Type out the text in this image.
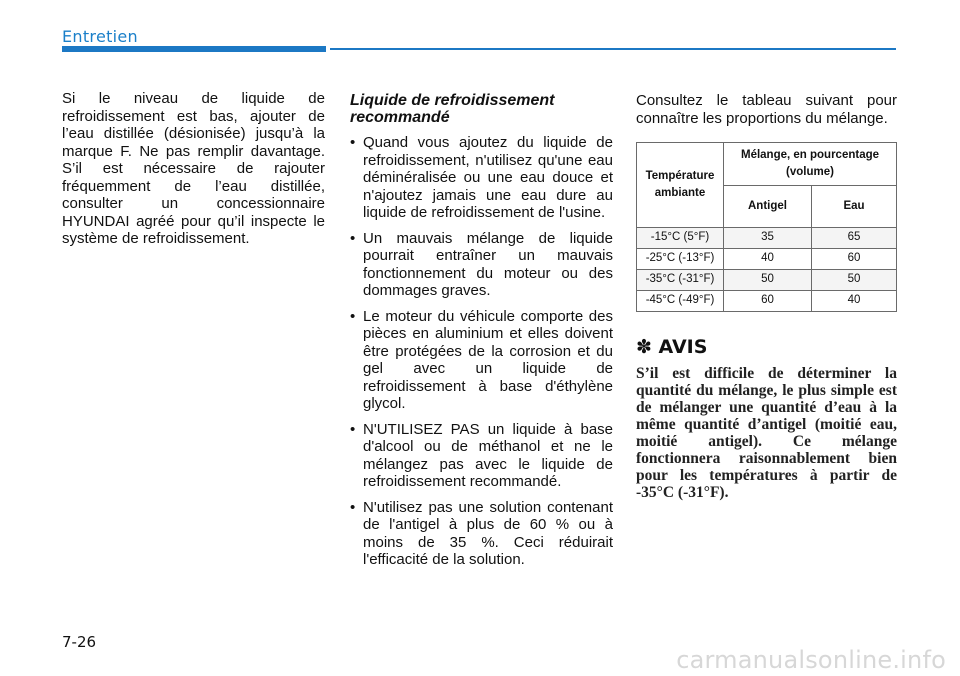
Entretien
Si le niveau de liquide de refroidissement est bas, ajouter de l’eau distillée (désionisée) jusqu’à la marque F. Ne pas remplir davantage. S’il est nécessaire de rajouter fréquemment de l’eau distillée, consulter un concessionnaire HYUNDAI agréé pour qu’il inspecte le système de refroidissement.
Liquide de refroidissement recommandé
• Quand vous ajoutez du liquide de refroidissement, n'utilisez qu'une eau déminéralisée ou une eau douce et n'ajoutez jamais une eau dure au liquide de refroidissement de l'usine.
• Un mauvais mélange de liquide pourrait entraîner un mauvais fonctionnement du moteur ou des dommages graves.
• Le moteur du véhicule comporte des pièces en aluminium et elles doivent être protégées de la corrosion et du gel avec un liquide de refroidissement à base d'éthylène glycol.
• N'UTILISEZ PAS un liquide à base d'alcool ou de méthanol et ne le mélangez pas avec le liquide de refroidissement recommandé.
• N'utilisez pas une solution contenant de l'antigel à plus de 60 % ou à moins de 35 %. Ceci réduirait l'efficacité de la solution.
Consultez le tableau suivant pour connaître les proportions du mélange.
Température ambiante	Mélange, en pourcentage (volume)	
	Antigel	Eau
-15°C (5°F)	35	65
-25°C (-13°F)	40	60
-35°C (-31°F)	50	50
-45°C (-49°F)	60	40
✽ AVIS
S’il est difficile de déterminer la quantité du mélange, le plus simple est de mélanger une quantité d’eau à la même quantité d’antigel (moitié eau, moitié antigel). Ce mélange fonctionnera raisonnablement bien pour les températures à partir de -35°C (-31°F).
7-26
carmanualsonline.info
